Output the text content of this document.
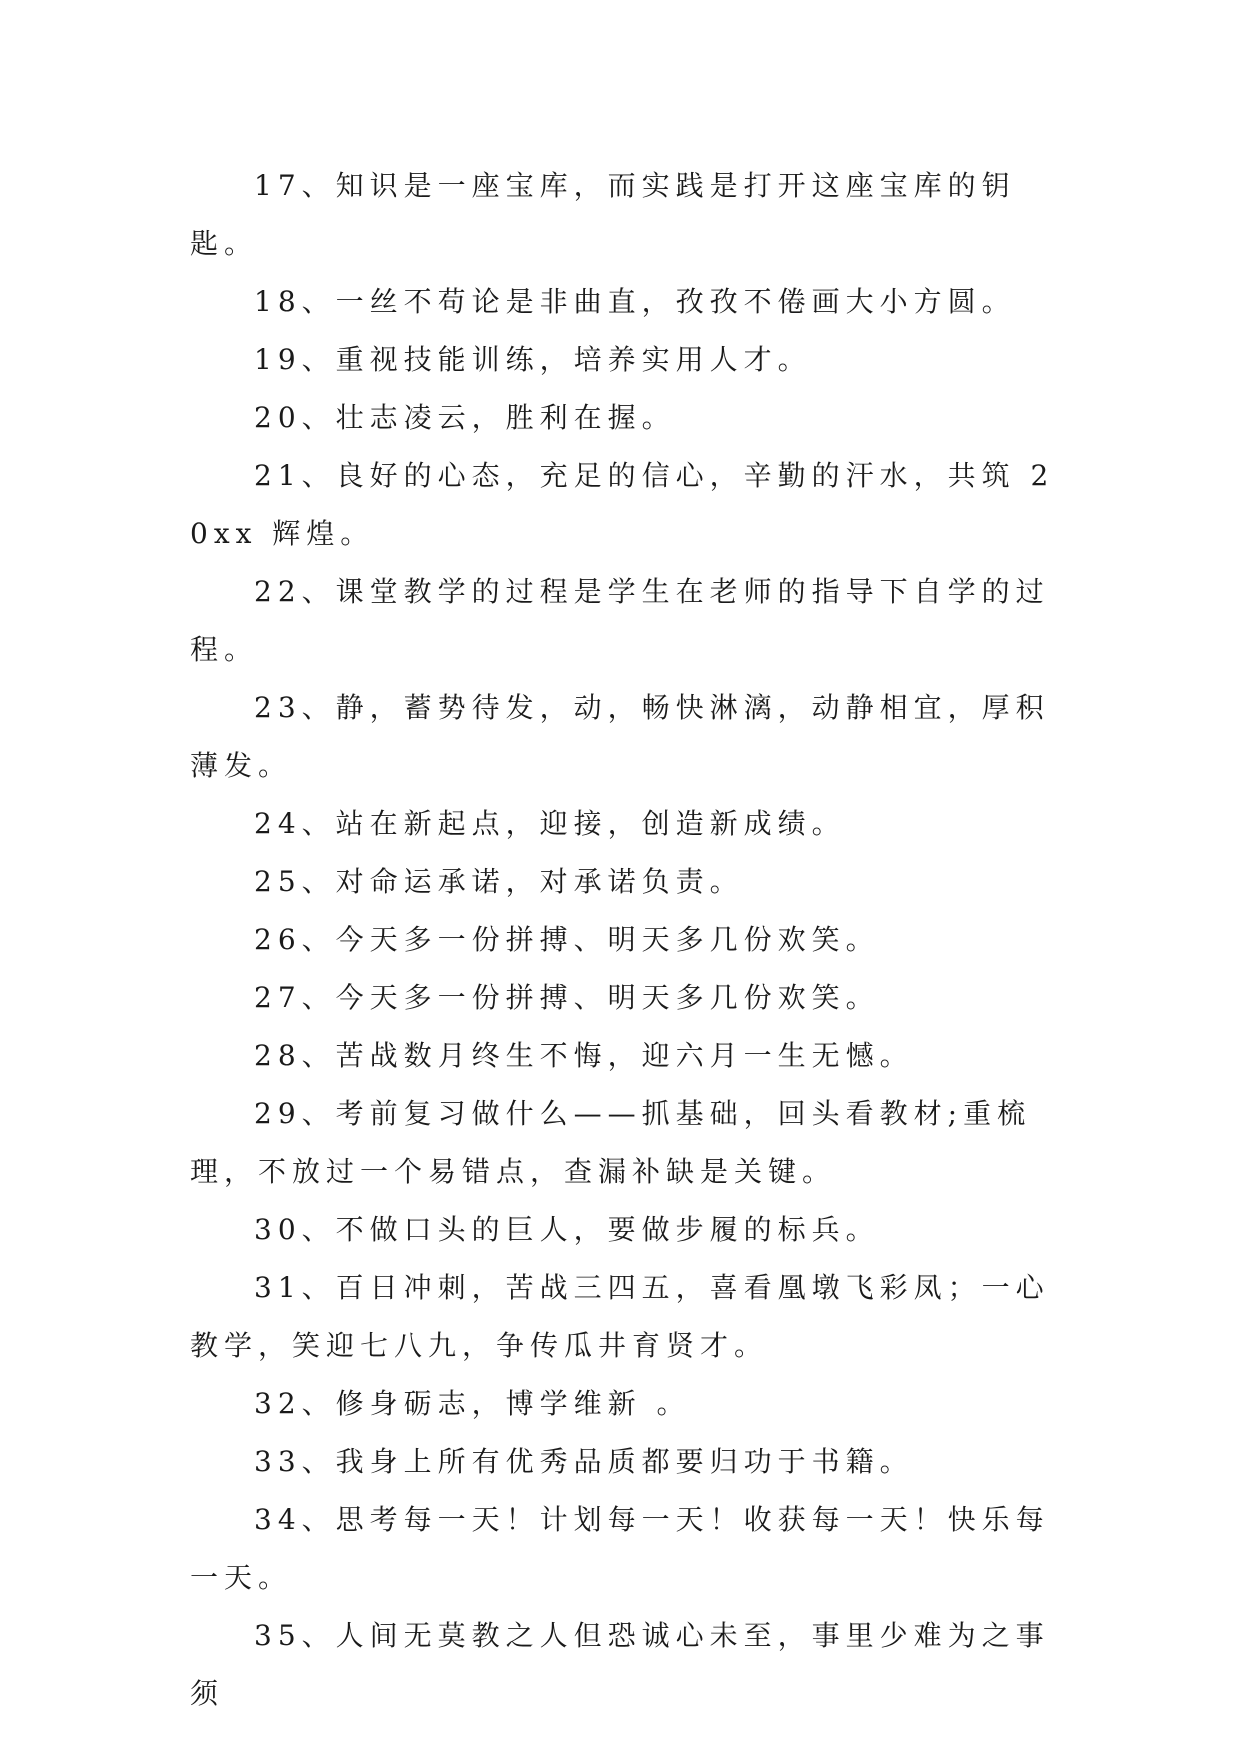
17、知识是一座宝库，而实践是打开这座宝库的钥匙。

18、一丝不苟论是非曲直，孜孜不倦画大小方圆。

19、重视技能训练，培养实用人才。

20、壮志凌云，胜利在握。

21、良好的心态，充足的信心，辛勤的汗水，共筑 20xx 辉煌。

22、课堂教学的过程是学生在老师的指导下自学的过程。

23、静，蓄势待发，动，畅快淋漓，动静相宜，厚积薄发。

24、站在新起点，迎接，创造新成绩。

25、对命运承诺，对承诺负责。

26、今天多一份拼搏、明天多几份欢笑。

27、今天多一份拼搏、明天多几份欢笑。

28、苦战数月终生不悔，迎六月一生无憾。

29、考前复习做什么——抓基础，回头看教材;重梳理，不放过一个易错点，查漏补缺是关键。

30、不做口头的巨人，要做步履的标兵。

31、百日冲刺，苦战三四五，喜看凰墩飞彩凤；一心教学，笑迎七八九，争传瓜井育贤才。

32、修身砺志，博学维新 。

33、我身上所有优秀品质都要归功于书籍。

34、思考每一天！计划每一天！收获每一天！快乐每一天。

35、人间无莫教之人但恐诚心未至，事里少难为之事须
